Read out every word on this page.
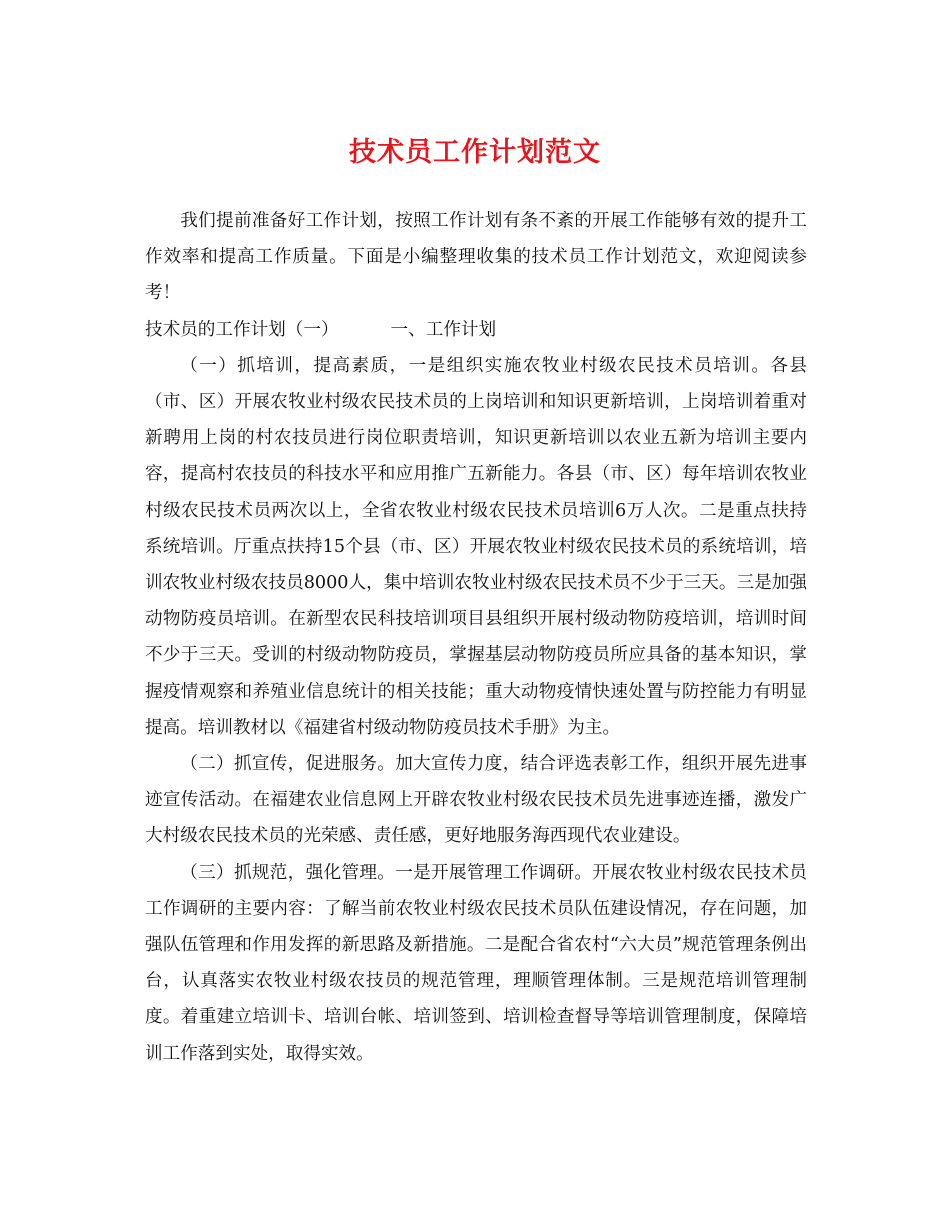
技术员工作计划范文

我们提前准备好工作计划，按照工作计划有条不紊的开展工作能够有效的提升工作效率和提高工作质量。下面是小编整理收集的技术员工作计划范文，欢迎阅读参考！

技术员的工作计划（一）	一、工作计划

（一）抓培训，提高素质，一是组织实施农牧业村级农民技术员培训。各县（市、区）开展农牧业村级农民技术员的上岗培训和知识更新培训，上岗培训着重对新聘用上岗的村农技员进行岗位职责培训，知识更新培训以农业五新为培训主要内容，提高村农技员的科技水平和应用推广五新能力。各县（市、区）每年培训农牧业村级农民技术员两次以上，全省农牧业村级农民技术员培训6万人次。二是重点扶持系统培训。厅重点扶持15个县（市、区）开展农牧业村级农民技术员的系统培训，培训农牧业村级农技员8000人，集中培训农牧业村级农民技术员不少于三天。三是加强动物防疫员培训。在新型农民科技培训项目县组织开展村级动物防疫培训，培训时间不少于三天。受训的村级动物防疫员，掌握基层动物防疫员所应具备的基本知识，掌握疫情观察和养殖业信息统计的相关技能；重大动物疫情快速处置与防控能力有明显提高。培训教材以《福建省村级动物防疫员技术手册》为主。

（二）抓宣传，促进服务。加大宣传力度，结合评选表彰工作，组织开展先进事迹宣传活动。在福建农业信息网上开辟农牧业村级农民技术员先进事迹连播，激发广大村级农民技术员的光荣感、责任感，更好地服务海西现代农业建设。

（三）抓规范，强化管理。一是开展管理工作调研。开展农牧业村级农民技术员工作调研的主要内容：了解当前农牧业村级农民技术员队伍建设情况，存在问题，加强队伍管理和作用发挥的新思路及新措施。二是配合省农村“六大员”规范管理条例出台，认真落实农牧业村级农技员的规范管理，理顺管理体制。三是规范培训管理制度。着重建立培训卡、培训台帐、培训签到、培训检查督导等培训管理制度，保障培训工作落到实处，取得实效。
